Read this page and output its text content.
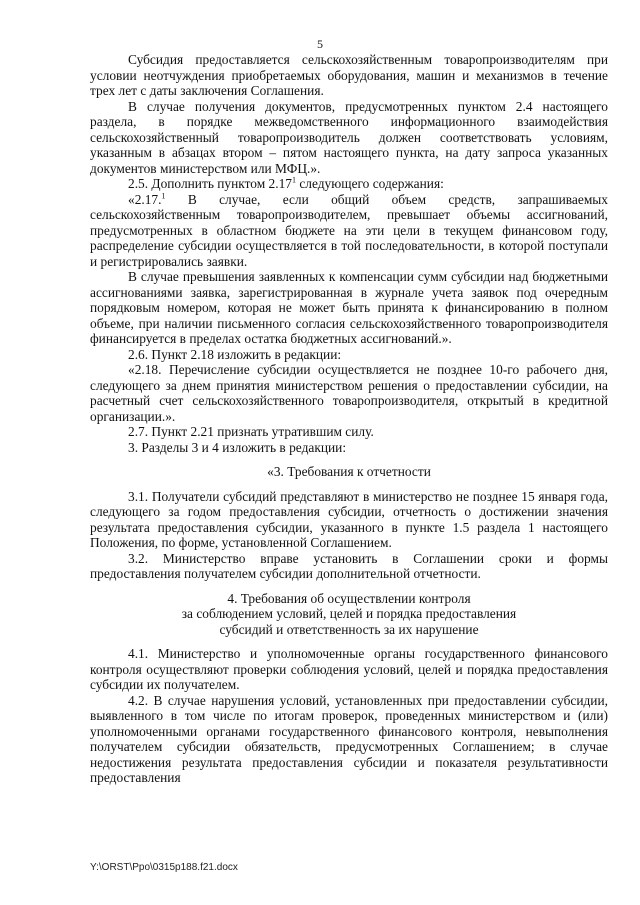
5

Субсидия предоставляется сельскохозяйственным товаропроизводителям при условии неотчуждения приобретаемых оборудования, машин и механизмов в течение трех лет с даты заключения Соглашения.

В случае получения документов, предусмотренных пунктом 2.4 настоящего раздела, в порядке межведомственного информационного взаимодействия сельскохозяйственный товаропроизводитель должен соответствовать условиям, указанным в абзацах втором – пятом настоящего пункта, на дату запроса указанных документов министерством или МФЦ.».

2.5. Дополнить пунктом 2.17$^1$ следующего содержания:

«2.17.$^1$ В случае, если общий объем средств, запрашиваемых сельскохозяйственным товаропроизводителем, превышает объемы ассигнований, предусмотренных в областном бюджете на эти цели в текущем финансовом году, распределение субсидии осуществляется в той последовательности, в которой поступали и регистрировались заявки.

В случае превышения заявленных к компенсации сумм субсидии над бюджетными ассигнованиями заявка, зарегистрированная в журнале учета заявок под очередным порядковым номером, которая не может быть принята к финансированию в полном объеме, при наличии письменного согласия сельскохозяйственного товаропроизводителя финансируется в пределах остатка бюджетных ассигнований.».

2.6. Пункт 2.18 изложить в редакции:

«2.18. Перечисление субсидии осуществляется не позднее 10-го рабочего дня, следующего за днем принятия министерством решения о предоставлении субсидии, на расчетный счет сельскохозяйственного товаропроизводителя, открытый в кредитной организации.».

2.7. Пункт 2.21 признать утратившим силу.

3. Разделы 3 и 4 изложить в редакции:

«3. Требования к отчетности

3.1. Получатели субсидий представляют в министерство не позднее 15 января года, следующего за годом предоставления субсидии, отчетность о достижении значения результата предоставления субсидии, указанного в пункте 1.5 раздела 1 настоящего Положения, по форме, установленной Соглашением.

3.2. Министерство вправе установить в Соглашении сроки и формы предоставления получателем субсидии дополнительной отчетности.

4. Требования об осуществлении контроля
за соблюдением условий, целей и порядка предоставления
субсидий и ответственность за их нарушение

4.1. Министерство и уполномоченные органы государственного финансового контроля осуществляют проверки соблюдения условий, целей и порядка предоставления субсидии их получателем.

4.2. В случае нарушения условий, установленных при предоставлении субсидии, выявленного в том числе по итогам проверок, проведенных министерством и (или) уполномоченными органами государственного финансового контроля, невыполнения получателем субсидии обязательств, предусмотренных Соглашением; в случае недостижения результата предоставления субсидии и показателя результативности предоставления

Y:\ORST\Ppo\0315p188.f21.docx
